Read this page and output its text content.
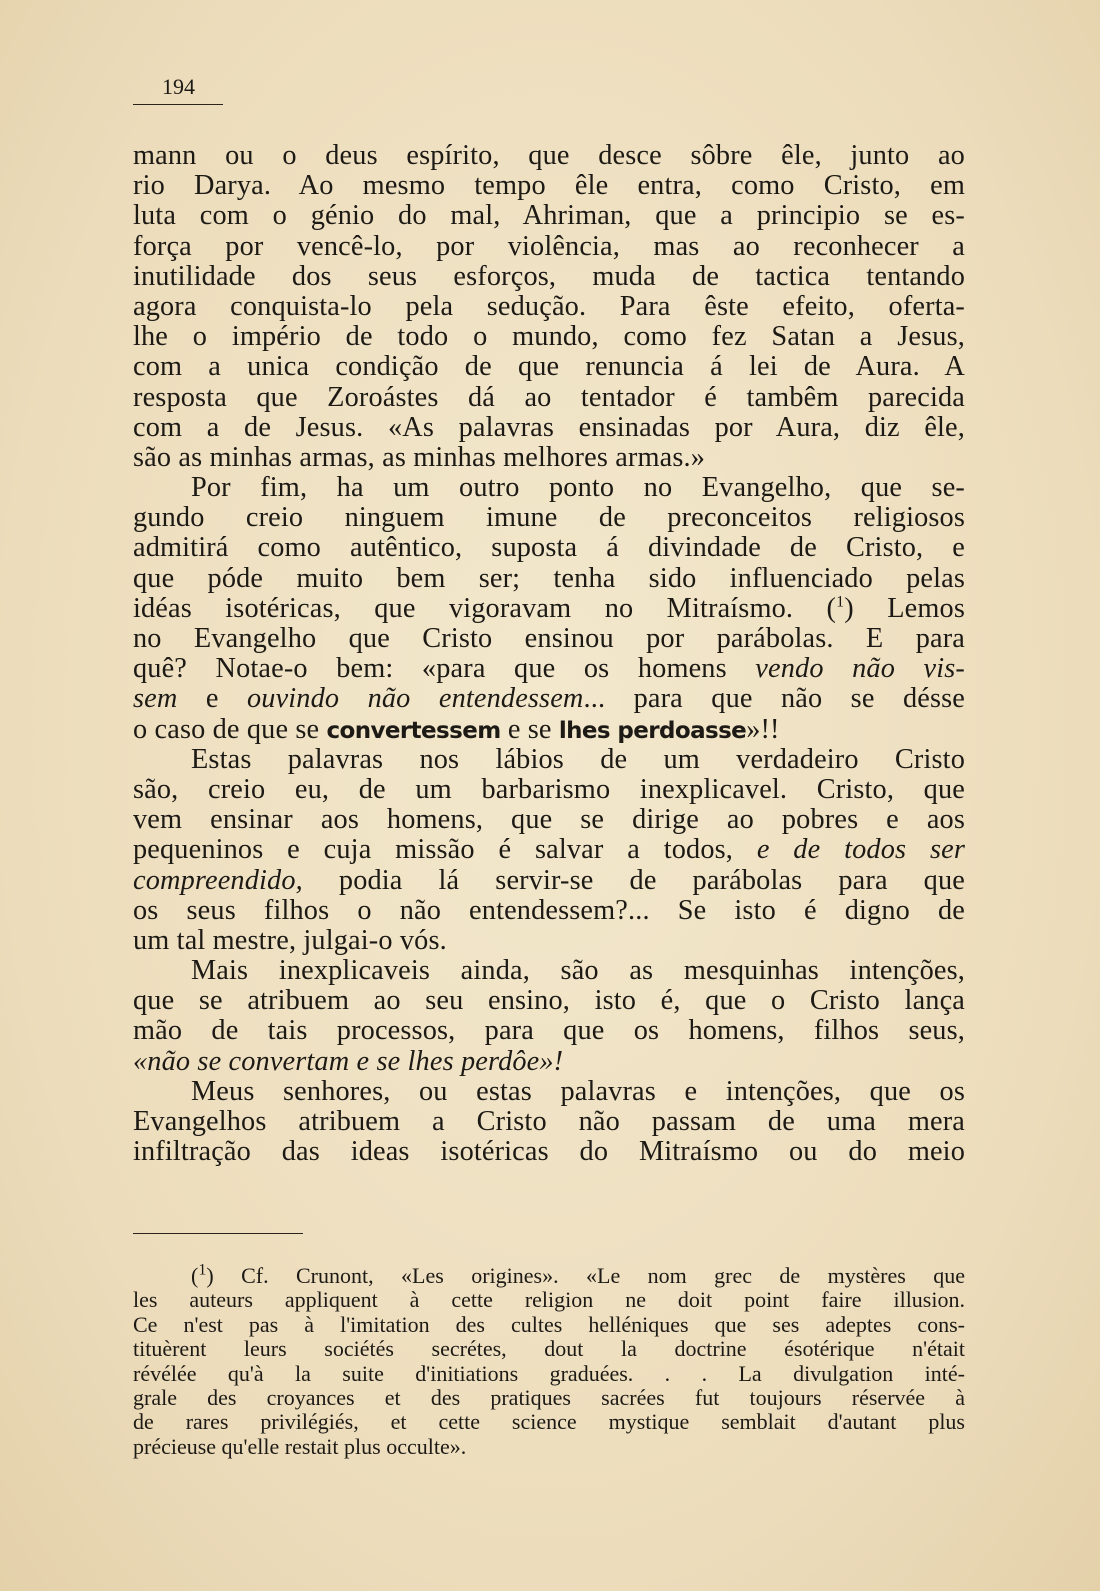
194
mann ou o deus espírito, que desce sôbre êle, junto ao
rio Darya. Ao mesmo tempo êle entra, como Cristo, em
luta com o génio do mal, Ahriman, que a principio se es-
força por vencê-lo, por violência, mas ao reconhecer a
inutilidade dos seus esforços, muda de tactica tentando
agora conquista-lo pela sedução. Para êste efeito, oferta-
lhe o império de todo o mundo, como fez Satan a Jesus,
com a unica condição de que renuncia á lei de Aura. A
resposta que Zoroástes dá ao tentador é tambêm parecida
com a de Jesus. «As palavras ensinadas por Aura, diz êle,
são as minhas armas, as minhas melhores armas.»
Por fim, ha um outro ponto no Evangelho, que se-
gundo creio ninguem imune de preconceitos religiosos
admitirá como autêntico, suposta á divindade de Cristo, e
que póde muito bem ser; tenha sido influenciado pelas
idéas isotéricas, que vigoravam no Mitraísmo. ($^1$) Lemos
no Evangelho que Cristo ensinou por parábolas. E para
quê? Notae-o bem: «para que os homens vendo não vis-
sem e ouvindo não entendessem... para que não se désse
o caso de que se convertessem e se lhes perdoasse»!!
Estas palavras nos lábios de um verdadeiro Cristo
são, creio eu, de um barbarismo inexplicavel. Cristo, que
vem ensinar aos homens, que se dirige ao pobres e aos
pequeninos e cuja missão é salvar a todos, e de todos ser
compreendido, podia lá servir-se de parábolas para que
os seus filhos o não entendessem?... Se isto é digno de
um tal mestre, julgai-o vós.
Mais inexplicaveis ainda, são as mesquinhas intenções,
que se atribuem ao seu ensino, isto é, que o Cristo lança
mão de tais processos, para que os homens, filhos seus,
«não se convertam e se lhes perdôe»!
Meus senhores, ou estas palavras e intenções, que os
Evangelhos atribuem a Cristo não passam de uma mera
infiltração das ideas isotéricas do Mitraísmo ou do meio
($^1$) Cf. Crunont, «Les origines». «Le nom grec de mystères que
les auteurs appliquent à cette religion ne doit point faire illusion.
Ce n'est pas à l'imitation des cultes helléniques que ses adeptes cons-
tituèrent leurs sociétés secrétes, dout la doctrine ésotérique n'était
révélée qu'à la suite d'initiations graduées. . . La divulgation inté-
grale des croyances et des pratiques sacrées fut toujours réservée à
de rares privilégiés, et cette science mystique semblait d'autant plus
précieuse qu'elle restait plus occulte».
